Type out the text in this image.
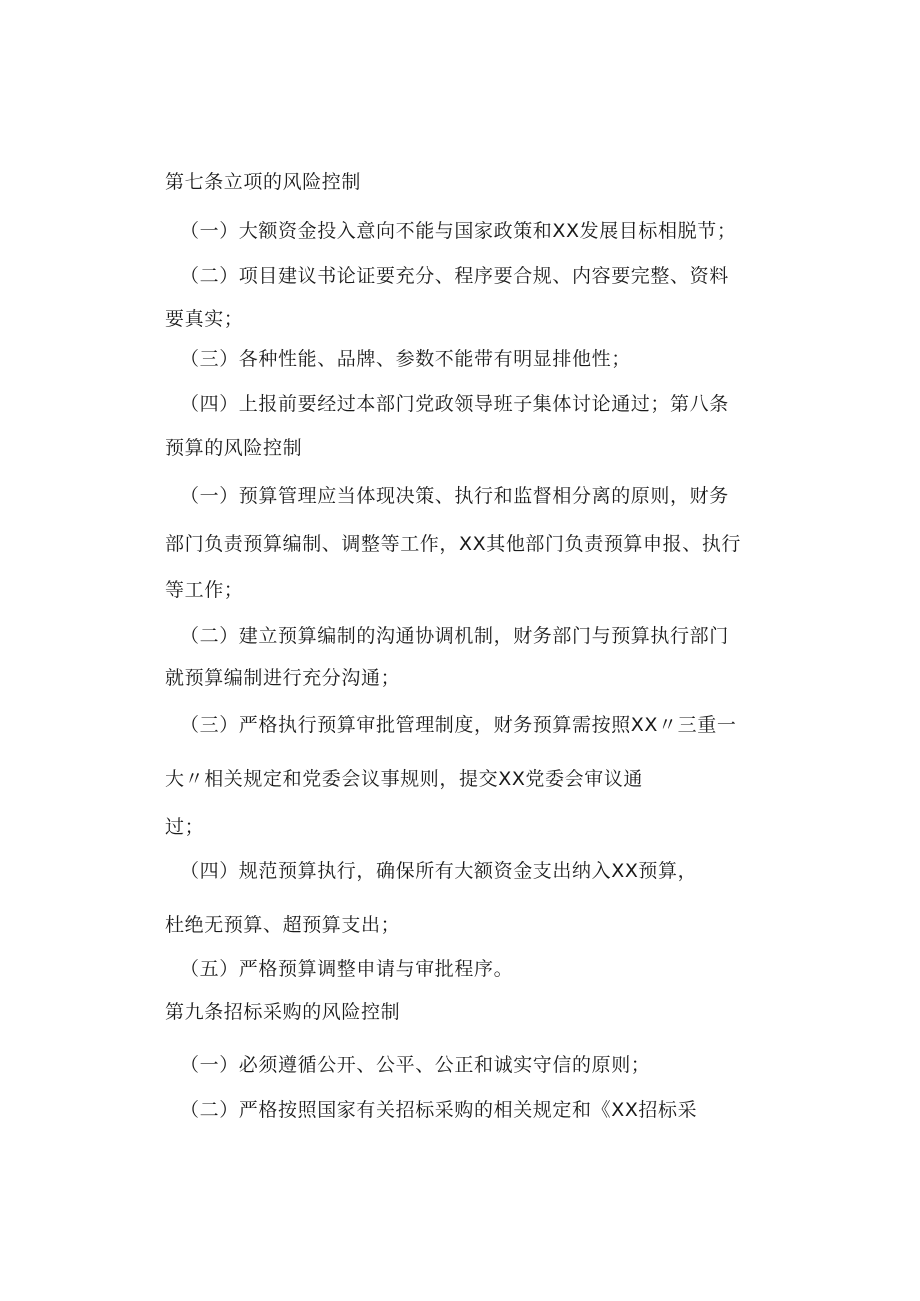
第七条立项的风险控制

（一）大额资金投入意向不能与国家政策和XX发展目标相脱节；

（二）项目建议书论证要充分、程序要合规、内容要完整、资料

要真实；

（三）各种性能、品牌、参数不能带有明显排他性；

（四）上报前要经过本部门党政领导班子集体讨论通过；第八条

预算的风险控制

（一）预算管理应当体现决策、执行和监督相分离的原则，财务

部门负责预算编制、调整等工作，XX其他部门负责预算申报、执行

等工作；

（二）建立预算编制的沟通协调机制，财务部门与预算执行部门

就预算编制进行充分沟通；

（三）严格执行预算审批管理制度，财务预算需按照XX〃三重一

大〃相关规定和党委会议事规则，提交XX党委会审议通

过；

（四）规范预算执行，确保所有大额资金支出纳入XX预算，

杜绝无预算、超预算支出；

（五）严格预算调整申请与审批程序。

第九条招标采购的风险控制

（一）必须遵循公开、公平、公正和诚实守信的原则；

（二）严格按照国家有关招标采购的相关规定和《XX招标采
